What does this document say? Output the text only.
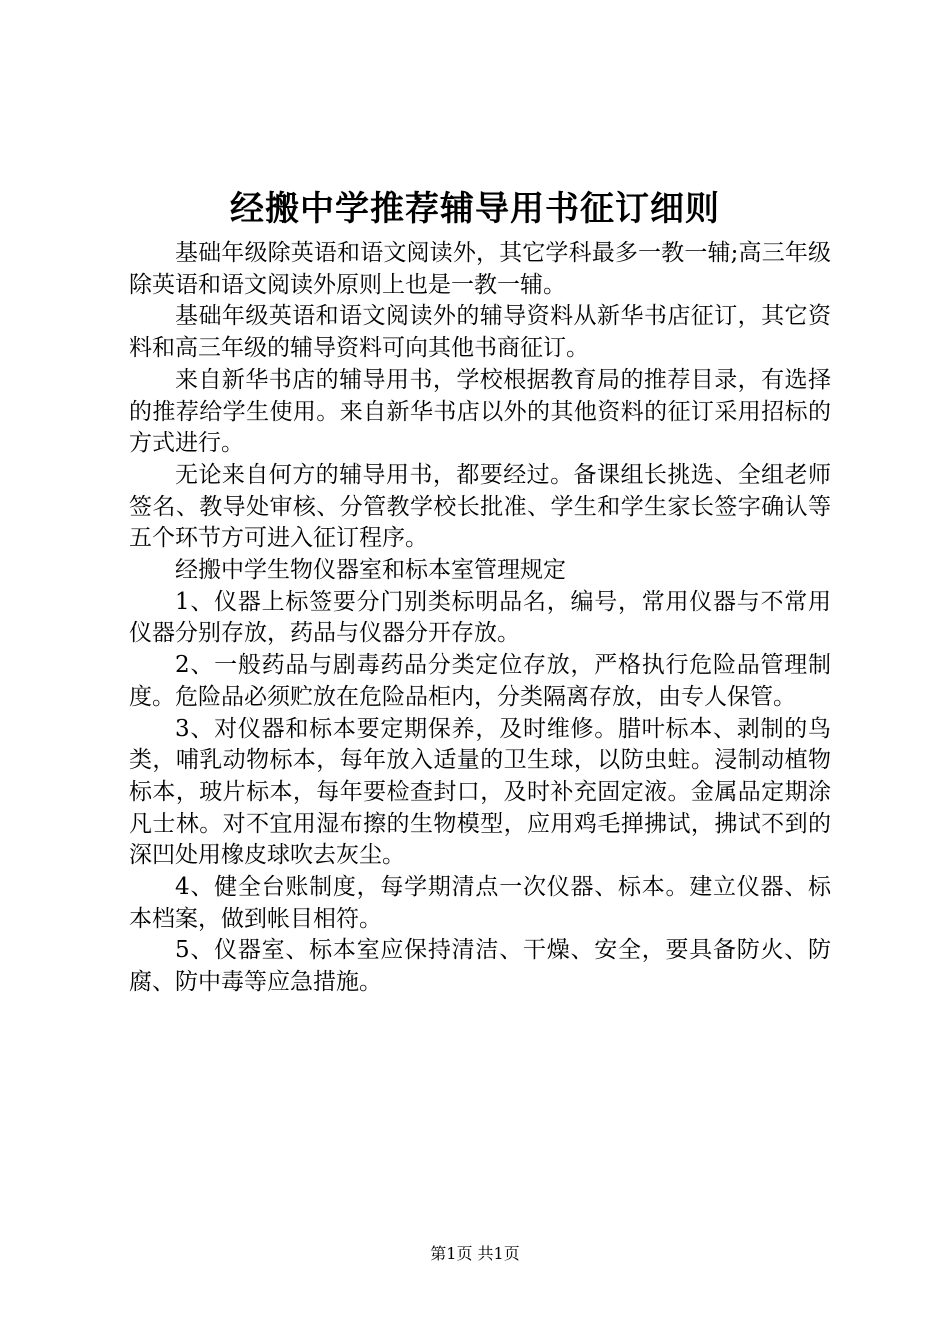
经搬中学推荐辅导用书征订细则

基础年级除英语和语文阅读外，其它学科最多一教一辅;高三年级除英语和语文阅读外原则上也是一教一辅。

基础年级英语和语文阅读外的辅导资料从新华书店征订，其它资料和高三年级的辅导资料可向其他书商征订。

来自新华书店的辅导用书，学校根据教育局的推荐目录，有选择的推荐给学生使用。来自新华书店以外的其他资料的征订采用招标的方式进行。

无论来自何方的辅导用书，都要经过。备课组长挑选、全组老师签名、教导处审核、分管教学校长批准、学生和学生家长签字确认等五个环节方可进入征订程序。

经搬中学生物仪器室和标本室管理规定

1、仪器上标签要分门别类标明品名，编号，常用仪器与不常用仪器分别存放，药品与仪器分开存放。

2、一般药品与剧毒药品分类定位存放，严格执行危险品管理制度。危险品必须贮放在危险品柜内，分类隔离存放，由专人保管。

3、对仪器和标本要定期保养，及时维修。腊叶标本、剥制的鸟类，哺乳动物标本，每年放入适量的卫生球，以防虫蛀。浸制动植物标本，玻片标本，每年要检查封口，及时补充固定液。金属品定期涂凡士林。对不宜用湿布擦的生物模型，应用鸡毛掸拂试，拂试不到的深凹处用橡皮球吹去灰尘。

4、健全台账制度，每学期清点一次仪器、标本。建立仪器、标本档案，做到帐目相符。

5、仪器室、标本室应保持清洁、干燥、安全，要具备防火、防腐、防中毒等应急措施。

第1页 共1页
